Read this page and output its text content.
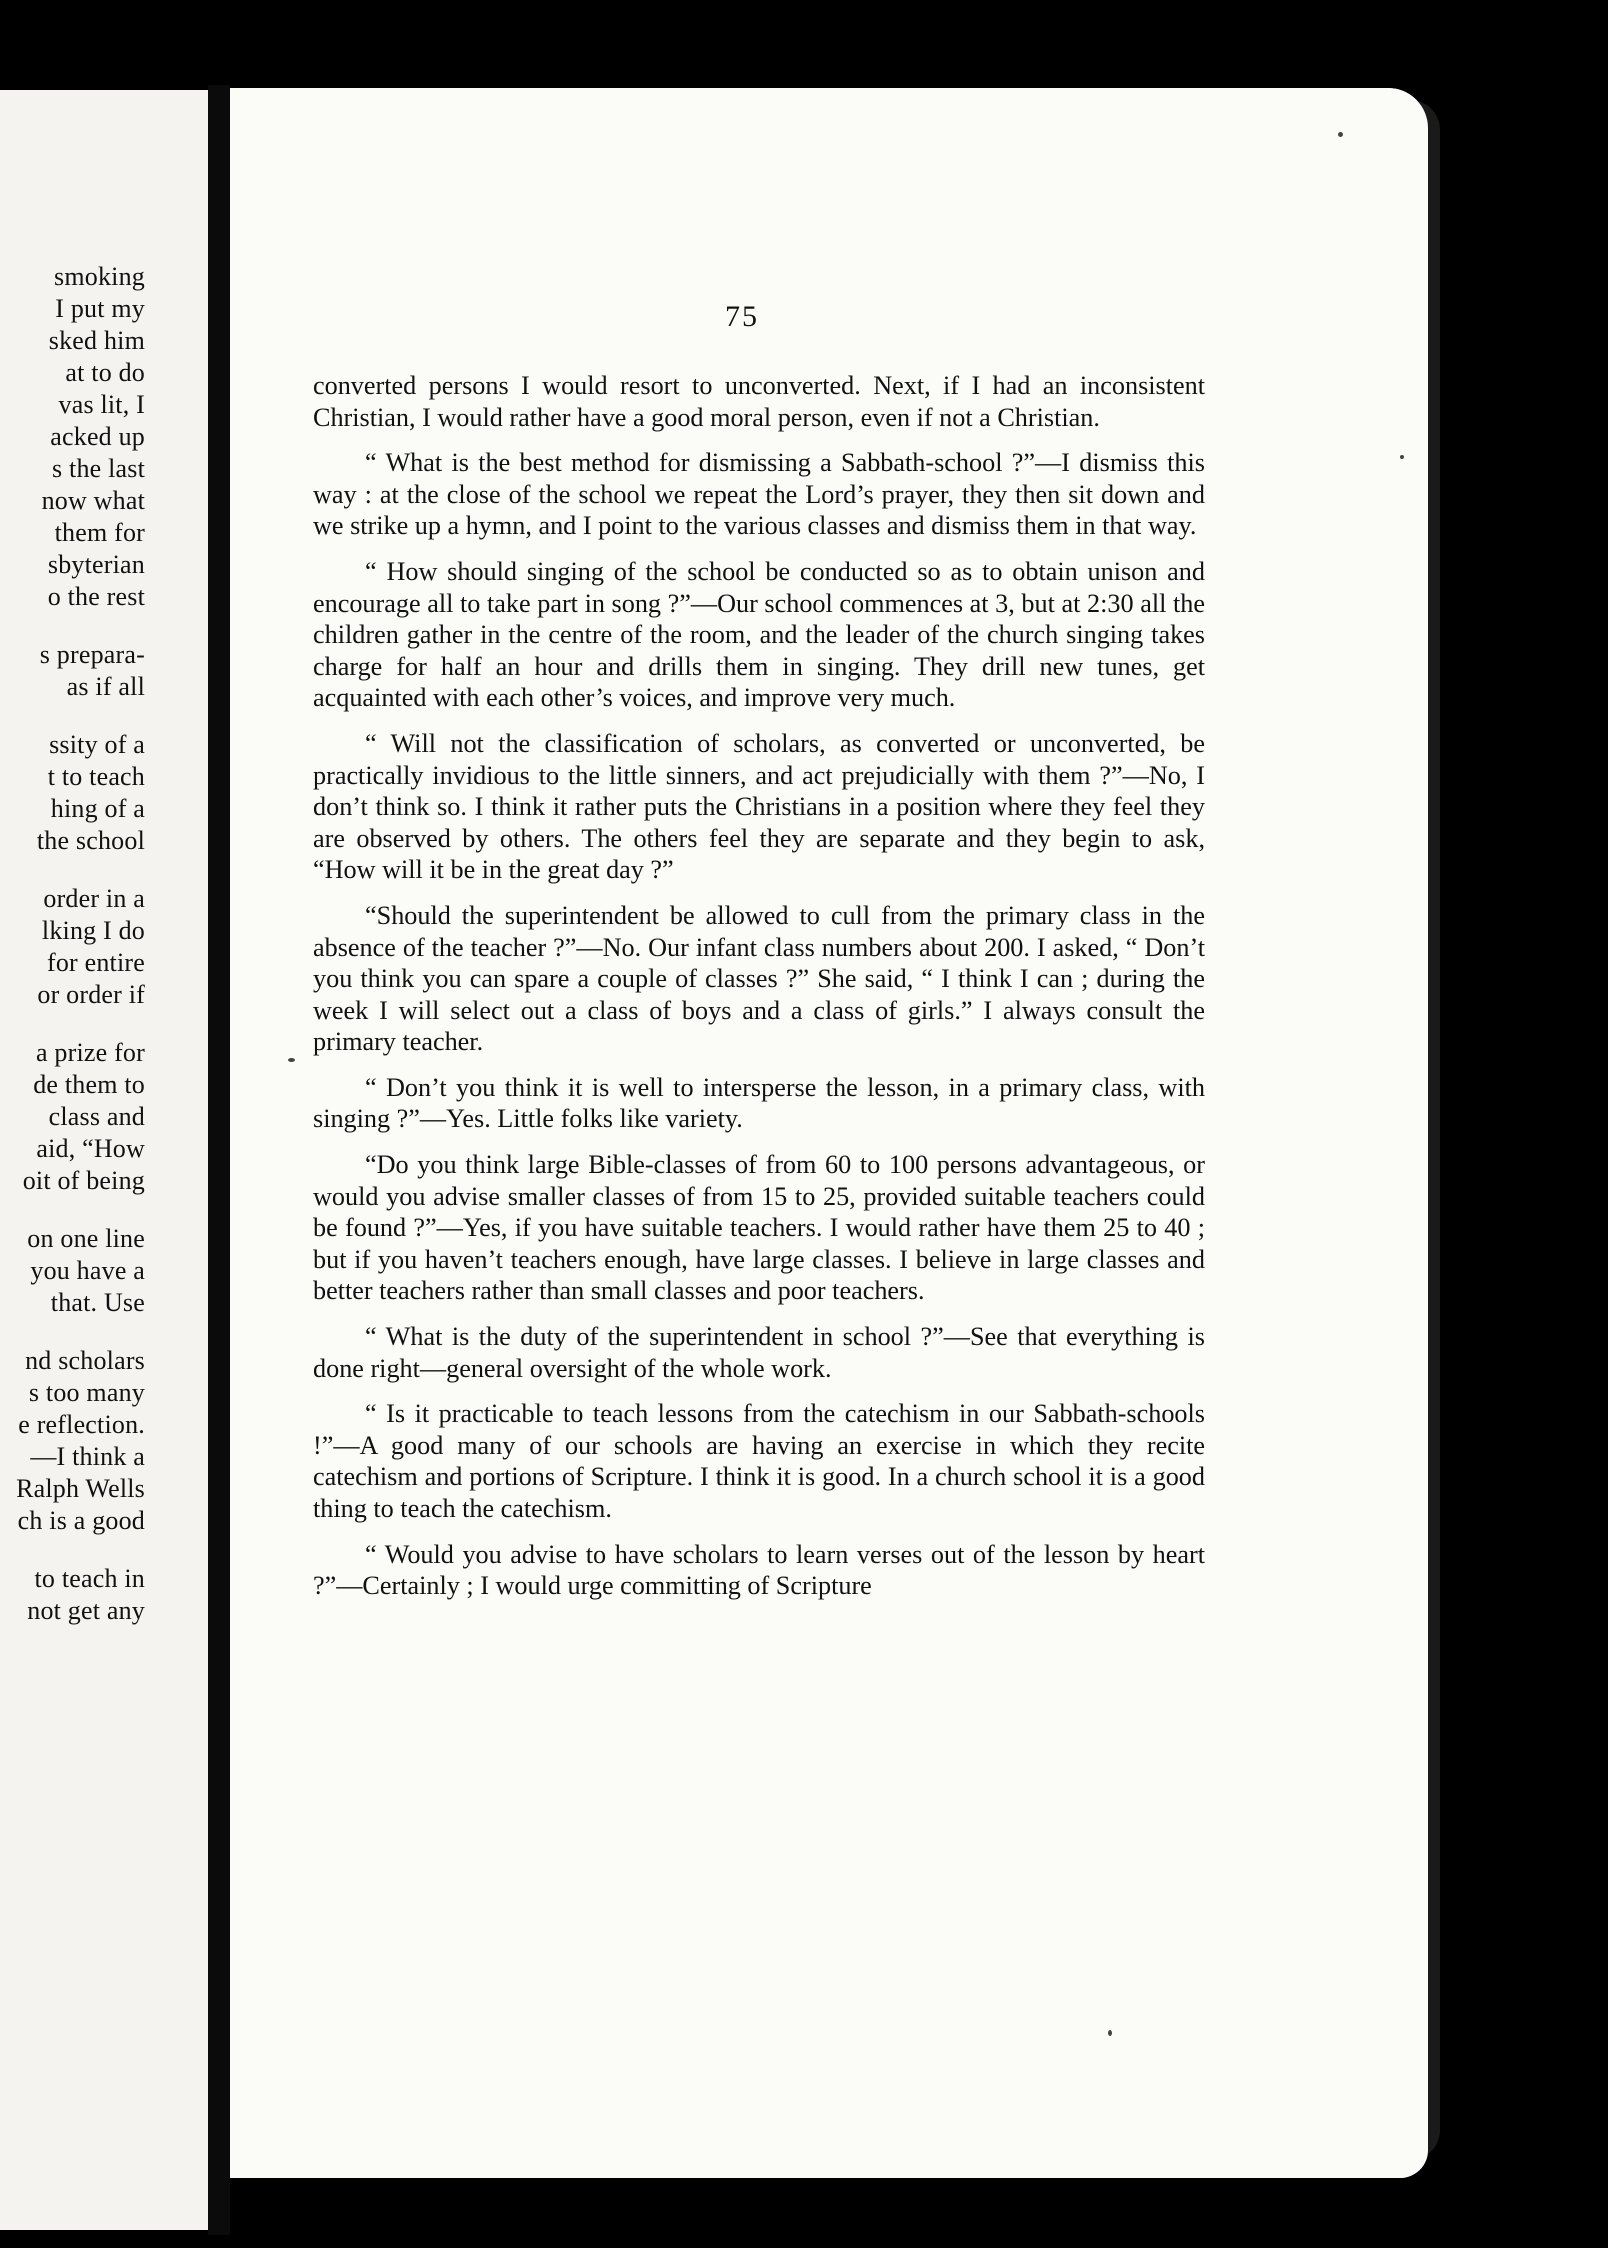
smoking
I put my
sked him
at to do
vas lit, I
acked up
s the last
now what
them for
sbyterian
o the rest
s prepara-
as if all
ssity of a
t to teach
hing of a
the school
order in a
lking I do
for entire
or order if
a prize for
de them to
class and
aid, “How
oit of being
on one line
you have a
that. Use
nd scholars
s too many
e reflection.
—I think a
Ralph Wells
ch is a good
to teach in
not get any
75

converted persons I would resort to unconverted. Next, if I had an inconsistent Christian, I would rather have a good moral person, even if not a Christian.

“ What is the best method for dismissing a Sabbath-school ?”—I dismiss this way : at the close of the school we repeat the Lord’s prayer, they then sit down and we strike up a hymn, and I point to the various classes and dismiss them in that way.

“ How should singing of the school be conducted so as to obtain unison and encourage all to take part in song ?”—Our school commences at 3, but at 2:30 all the children gather in the centre of the room, and the leader of the church singing takes charge for half an hour and drills them in singing. They drill new tunes, get acquainted with each other’s voices, and improve very much.

“ Will not the classification of scholars, as converted or unconverted, be practically invidious to the little sinners, and act prejudicially with them ?”—No, I don’t think so. I think it rather puts the Christians in a position where they feel they are observed by others. The others feel they are separate and they begin to ask, “How will it be in the great day ?”

“Should the superintendent be allowed to cull from the primary class in the absence of the teacher ?”—No. Our infant class numbers about 200. I asked, “ Don’t you think you can spare a couple of classes ?” She said, “ I think I can ; during the week I will select out a class of boys and a class of girls.” I always consult the primary teacher.

“ Don’t you think it is well to intersperse the lesson, in a primary class, with singing ?”—Yes. Little folks like variety.

“Do you think large Bible-classes of from 60 to 100 persons advantageous, or would you advise smaller classes of from 15 to 25, provided suitable teachers could be found ?”—Yes, if you have suitable teachers. I would rather have them 25 to 40 ; but if you haven’t teachers enough, have large classes. I believe in large classes and better teachers rather than small classes and poor teachers.

“ What is the duty of the superintendent in school ?”—See that everything is done right—general oversight of the whole work.

“ Is it practicable to teach lessons from the catechism in our Sabbath-schools !”—A good many of our schools are having an exercise in which they recite catechism and portions of Scripture. I think it is good. In a church school it is a good thing to teach the catechism.

“ Would you advise to have scholars to learn verses out of the lesson by heart ?”—Certainly ; I would urge committing of Scripture
